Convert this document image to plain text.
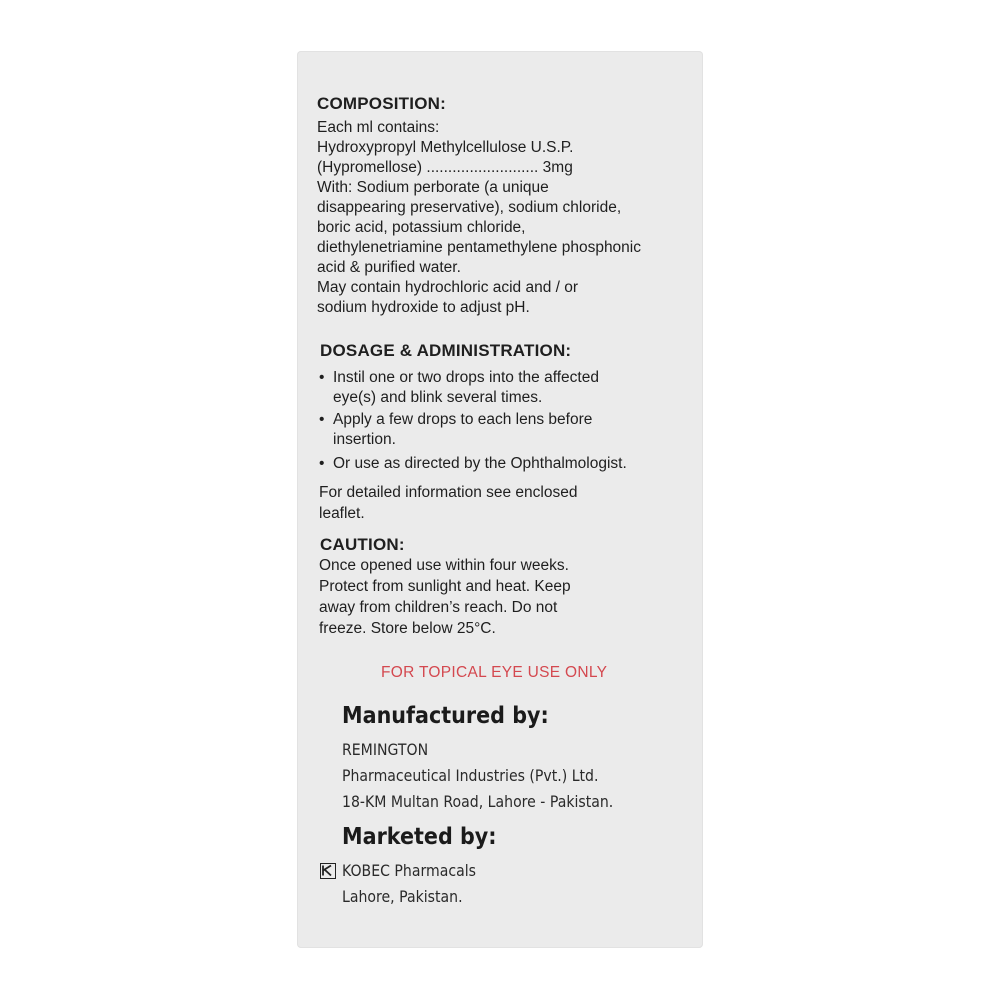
COMPOSITION:
Each ml contains:
Hydroxypropyl Methylcellulose U.S.P.
(Hypromellose) .......................... 3mg
With: Sodium perborate (a unique
disappearing preservative), sodium chloride,
boric acid, potassium chloride,
diethylenetriamine pentamethylene phosphonic
acid & purified water.
May contain hydrochloric acid and / or
sodium hydroxide to adjust pH.
DOSAGE & ADMINISTRATION:
• Instil one or two drops into the affected
eye(s) and blink several times.
• Apply a few drops to each lens before
insertion.
• Or use as directed by the Ophthalmologist.
For detailed information see enclosed
leaflet.
CAUTION:
Once opened use within four weeks.
Protect from sunlight and heat. Keep
away from children’s reach. Do not
freeze. Store below 25°C.
FOR TOPICAL EYE USE ONLY
Manufactured by:
REMINGTON
Pharmaceutical Industries (Pvt.) Ltd.
18-KM Multan Road, Lahore - Pakistan.
Marketed by:
KOBEC Pharmacals
Lahore, Pakistan.
